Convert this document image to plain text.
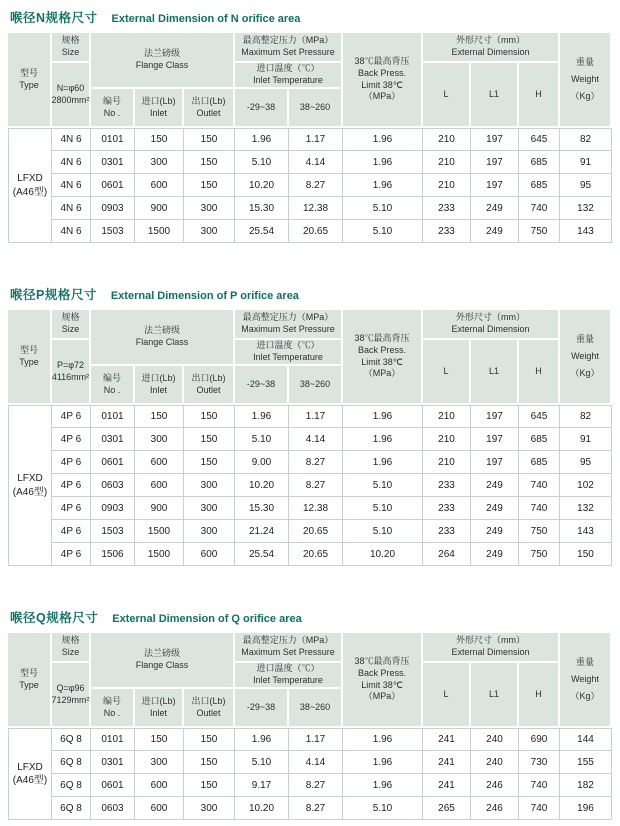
喉径N规格尺寸 External Dimension of N orifice area
型号
Type
规格
Size
N=φ60
2800mm²
法兰磅级
Flange Class
编号
No .
进口(Lb)
Inlet
出口(Lb)
Outlet
最高整定压力（MPa）
Maximum Set Pressure
进口温度（℃）
Inlet Temperature
-29~38	38~260
38℃最高背压
Back Press.
Limit 38℃
（MPa）
外形尺寸（mm）
External Dimension
L	L1	H
重量
Weight
（Kg）
LFXD
(A46型)
4N 6	0101	150	150	1.96	1.17	1.96	210	197	645	82
4N 6	0301	300	150	5.10	4.14	1.96	210	197	685	91
4N 6	0601	600	150	10.20	8.27	1.96	210	197	685	95
4N 6	0903	900	300	15.30	12.38	5.10	233	249	740	132
4N 6	1503	1500	300	25.54	20.65	5.10	233	249	750	143
喉径P规格尺寸 External Dimension of P orifice area
型号
Type
规格
Size
P=φ72
4116mm²
法兰磅级
Flange Class
编号
No .
进口(Lb)
Inlet
出口(Lb)
Outlet
最高整定压力（MPa）
Maximum Set Pressure
进口温度（℃）
Inlet Temperature
-29~38	38~260
38℃最高背压
Back Press.
Limit 38℃
（MPa）
外形尺寸（mm）
External Dimension
L	L1	H
重量
Weight
（Kg）
LFXD
(A46型)
4P 6	0101	150	150	1.96	1.17	1.96	210	197	645	82
4P 6	0301	300	150	5.10	4.14	1.96	210	197	685	91
4P 6	0601	600	150	9.00	8.27	1.96	210	197	685	95
4P 6	0603	600	300	10.20	8.27	5.10	233	249	740	102
4P 6	0903	900	300	15.30	12.38	5.10	233	249	740	132
4P 6	1503	1500	300	21.24	20.65	5.10	233	249	750	143
4P 6	1506	1500	600	25.54	20.65	10.20	264	249	750	150
喉径Q规格尺寸 External Dimension of Q orifice area
型号
Type
规格
Size
Q=φ96
7129mm²
法兰磅级
Flange Class
编号
No .
进口(Lb)
Inlet
出口(Lb)
Outlet
最高整定压力（MPa）
Maximum Set Pressure
进口温度（℃）
Inlet Temperature
-29~38	38~260
38℃最高背压
Back Press.
Limit 38℃
（MPa）
外形尺寸（mm）
External Dimension
L	L1	H
重量
Weight
（Kg）
LFXD
(A46型)
6Q 8	0101	150	150	1.96	1.17	1.96	241	240	690	144
6Q 8	0301	300	150	5.10	4.14	1.96	241	240	730	155
6Q 8	0601	600	150	9.17	8.27	1.96	241	246	740	182
6Q 8	0603	600	300	10.20	8.27	5.10	265	246	740	196
